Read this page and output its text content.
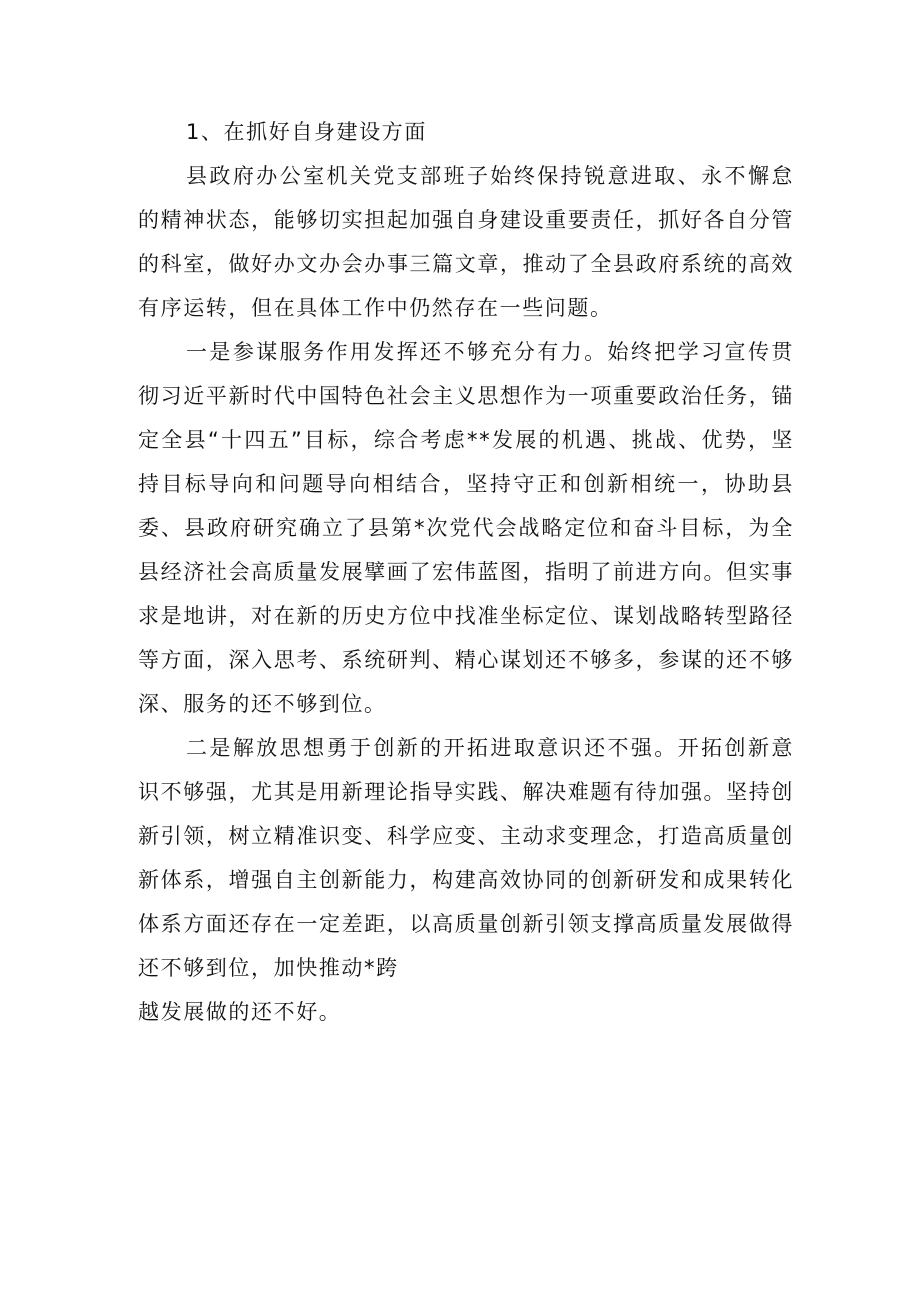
1、在抓好自身建设方面

县政府办公室机关党支部班子始终保持锐意进取、永不懈怠的精神状态，能够切实担起加强自身建设重要责任，抓好各自分管的科室，做好办文办会办事三篇文章，推动了全县政府系统的高效有序运转，但在具体工作中仍然存在一些问题。

一是参谋服务作用发挥还不够充分有力。始终把学习宣传贯彻习近平新时代中国特色社会主义思想作为一项重要政治任务，锚定全县“十四五”目标，综合考虑**发展的机遇、挑战、优势，坚持目标导向和问题导向相结合，坚持守正和创新相统一，协助县委、县政府研究确立了县第*次党代会战略定位和奋斗目标，为全县经济社会高质量发展擘画了宏伟蓝图，指明了前进方向。但实事求是地讲，对在新的历史方位中找准坐标定位、谋划战略转型路径等方面，深入思考、系统研判、精心谋划还不够多，参谋的还不够深、服务的还不够到位。

二是解放思想勇于创新的开拓进取意识还不强。开拓创新意识不够强，尤其是用新理论指导实践、解决难题有待加强。坚持创新引领，树立精准识变、科学应变、主动求变理念，打造高质量创新体系，增强自主创新能力，构建高效协同的创新研发和成果转化体系方面还存在一定差距，以高质量创新引领支撑高质量发展做得还不够到位，加快推动*跨

越发展做的还不好。
